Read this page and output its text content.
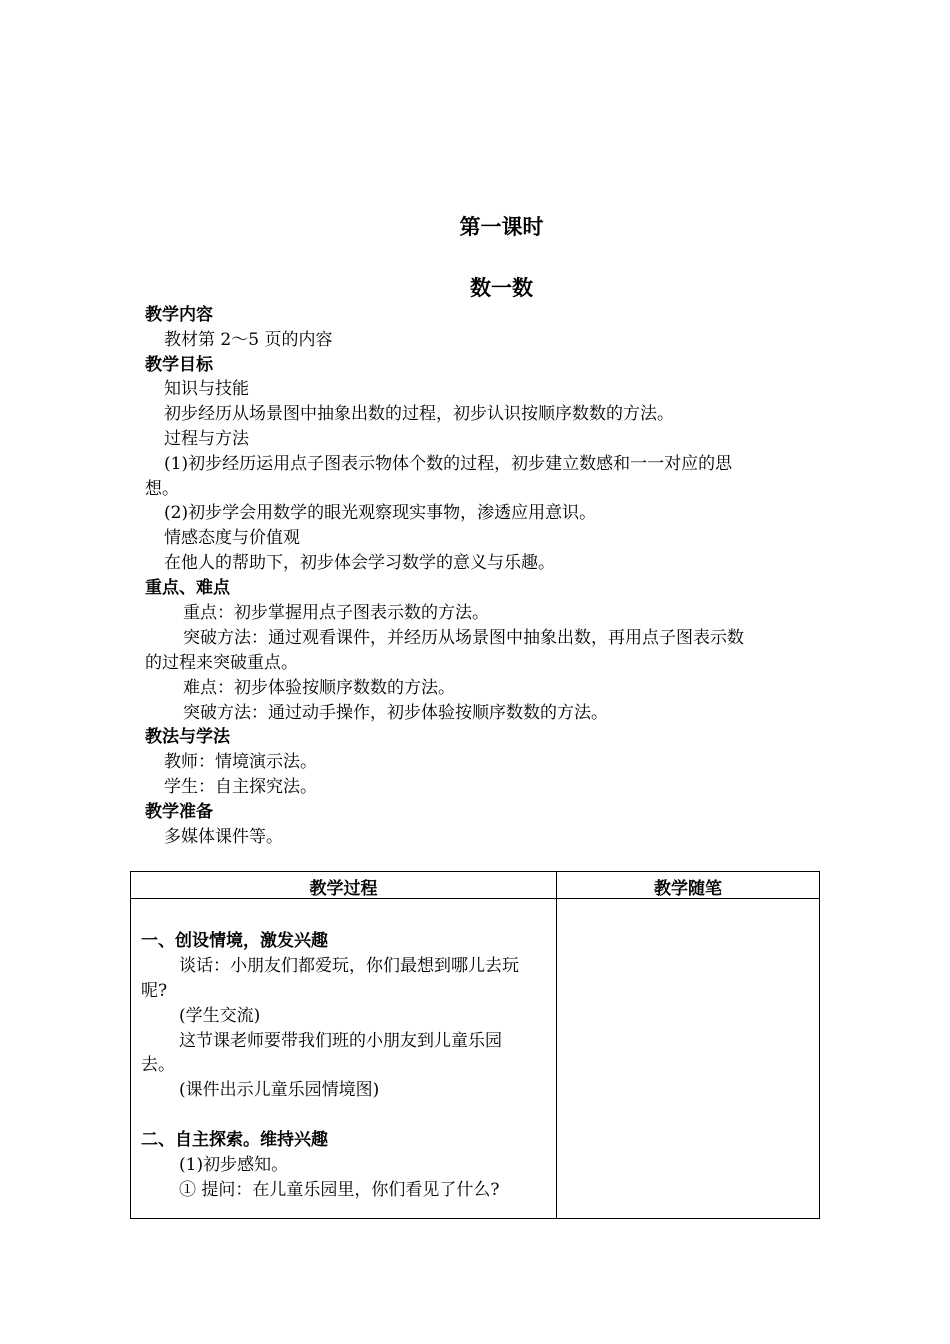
第一课时
数一数
教学内容
教材第 2～5 页的内容
教学目标
知识与技能
初步经历从场景图中抽象出数的过程，初步认识按顺序数数的方法。
过程与方法
(1)初步经历运用点子图表示物体个数的过程，初步建立数感和一一对应的思
想。
(2)初步学会用数学的眼光观察现实事物，渗透应用意识。
情感态度与价值观
在他人的帮助下，初步体会学习数学的意义与乐趣。
重点、难点
重点：初步掌握用点子图表示数的方法。
突破方法：通过观看课件，并经历从场景图中抽象出数，再用点子图表示数
的过程来突破重点。
难点：初步体验按顺序数数的方法。
突破方法：通过动手操作，初步体验按顺序数数的方法。
教法与学法
教师：情境演示法。
学生：自主探究法。
教学准备
多媒体课件等。
教学过程	教学随笔
一、创设情境，激发兴趣
谈话：小朋友们都爱玩，你们最想到哪儿去玩
呢?
(学生交流)
这节课老师要带我们班的小朋友到儿童乐园
去。
(课件出示儿童乐园情境图)
二、自主探索。维持兴趣
(1)初步感知。
① 提问：在儿童乐园里，你们看见了什么?
